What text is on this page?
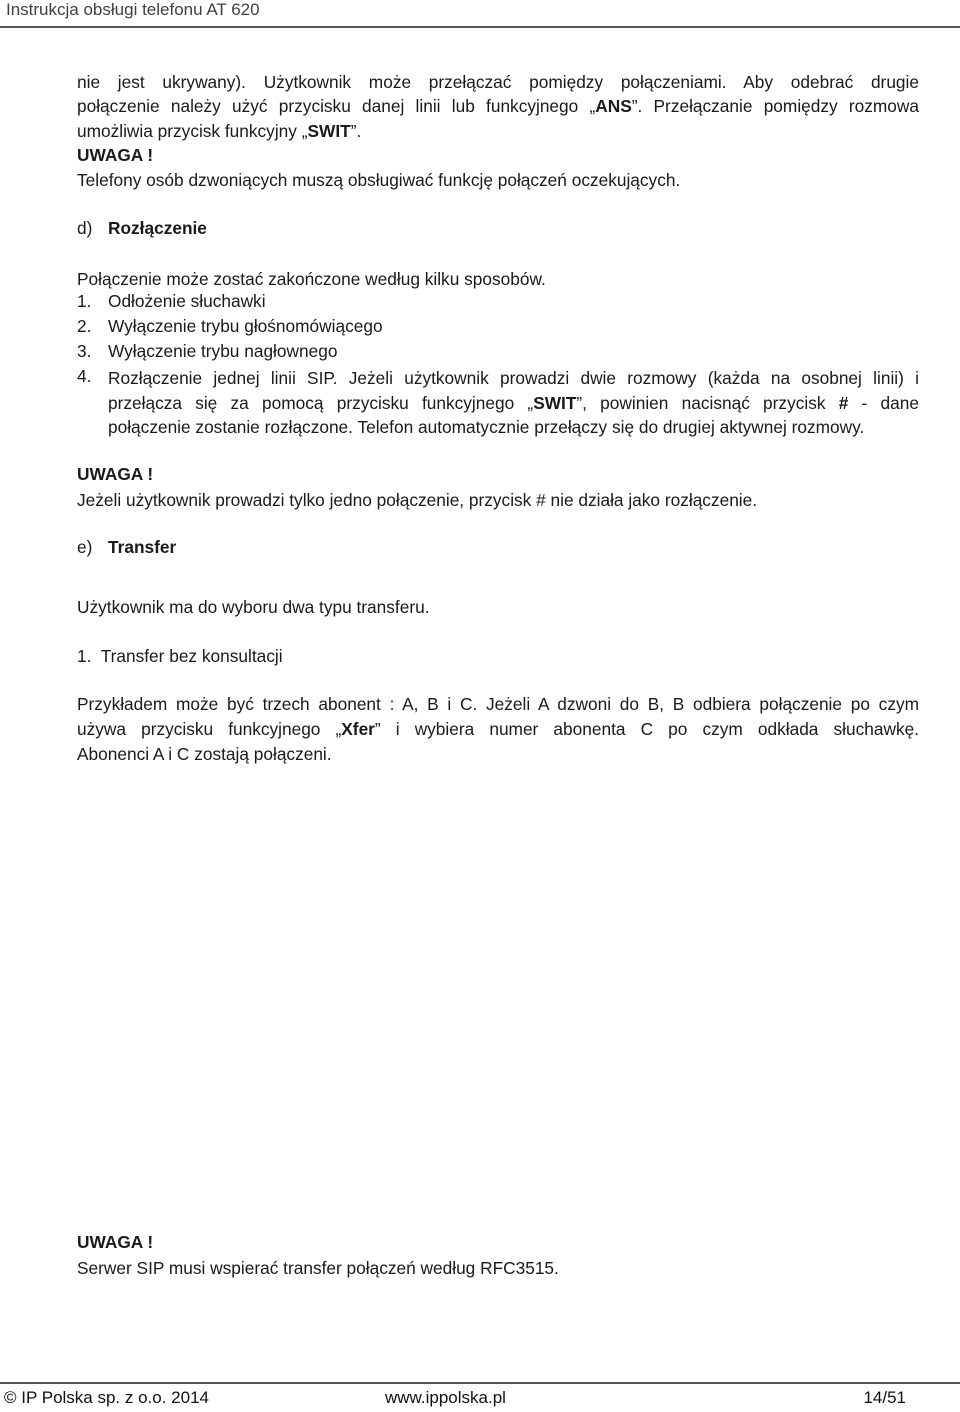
Instrukcja obsługi telefonu AT 620
nie jest ukrywany). Użytkownik może przełączać pomiędzy połączeniami. Aby odebrać drugie
połączenie należy użyć przycisku danej linii lub funkcyjnego „ANS”. Przełączanie pomiędzy rozmowa
umożliwia przycisk funkcyjny „SWIT”.
UWAGA !
Telefony osób dzwoniących muszą obsługiwać funkcję połączeń oczekujących.
d) Rozłączenie
Połączenie może zostać zakończone według kilku sposobów.
1. Odłożenie słuchawki
2. Wyłączenie trybu głośnomówiącego
3. Wyłączenie trybu nagłownego
4. Rozłączenie jednej linii SIP. Jeżeli użytkownik prowadzi dwie rozmowy (każda na osobnej linii) i
przełącza się za pomocą przycisku funkcyjnego „SWIT”, powinien nacisnąć przycisk # - dane
połączenie zostanie rozłączone. Telefon automatycznie przełączy się do drugiej aktywnej rozmowy.
UWAGA !
Jeżeli użytkownik prowadzi tylko jedno połączenie, przycisk # nie działa jako rozłączenie.
e) Transfer
Użytkownik ma do wyboru dwa typu transferu.
1.  Transfer bez konsultacji
Przykładem może być trzech abonent : A, B i C. Jeżeli A dzwoni do B, B odbiera połączenie po czym
używa przycisku funkcyjnego „Xfer” i wybiera numer abonenta C po czym odkłada słuchawkę.
Abonenci A i C zostają połączeni.
UWAGA !
Serwer SIP musi wspierać transfer połączeń według RFC3515.
© IP Polska sp. z o.o. 2014	www.ippolska.pl	14/51
